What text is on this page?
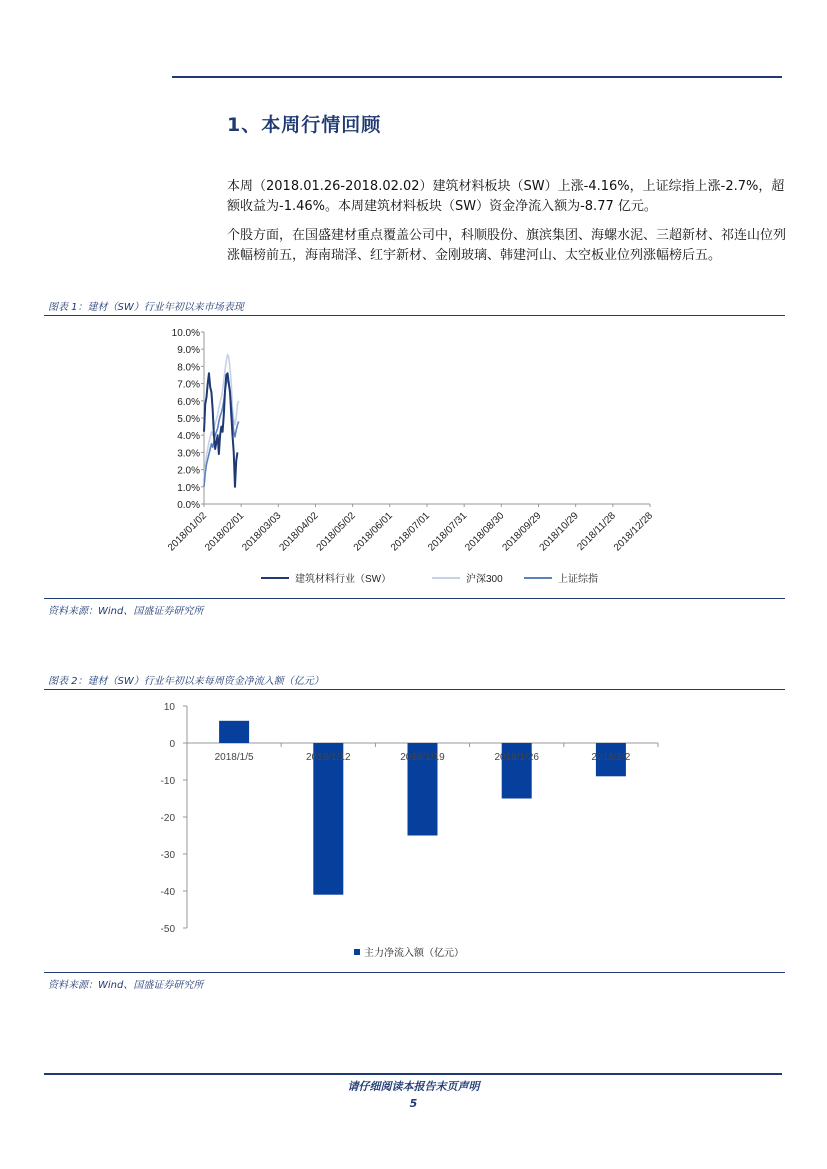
1、本周行情回顾
本周（2018.01.26-2018.02.02）建筑材料板块（SW）上涨-4.16%，上证综指上涨-2.7%，超额收益为-1.46%。本周建筑材料板块（SW）资金净流入额为-8.77 亿元。
个股方面，在国盛建材重点覆盖公司中，科顺股份、旗滨集团、海螺水泥、三超新材、祁连山位列涨幅榜前五，海南瑞泽、红宇新材、金刚玻璃、韩建河山、太空板业位列涨幅榜后五。
图表 1：建材（SW）行业年初以来市场表现
0.0%
1.0%
2.0%
3.0%
4.0%
5.0%
6.0%
7.0%
8.0%
9.0%
10.0%
2018/01/02
2018/02/01
2018/03/03
2018/04/02
2018/05/02
2018/06/01
2018/07/01
2018/07/31
2018/08/30
2018/09/29
2018/10/29
2018/11/28
2018/12/28
建筑材料行业（SW）	沪深300	上证综指
资料来源：Wind、国盛证券研究所
图表 2：建材（SW）行业年初以来每周资金净流入额（亿元）
10
0
-10
-20
-30
-40
-50
2018/1/5	2018/1/12	2018/1/19	2018/1/26	2018/2/2
主力净流入额（亿元）
资料来源：Wind、国盛证券研究所
请仔细阅读本报告末页声明
5
